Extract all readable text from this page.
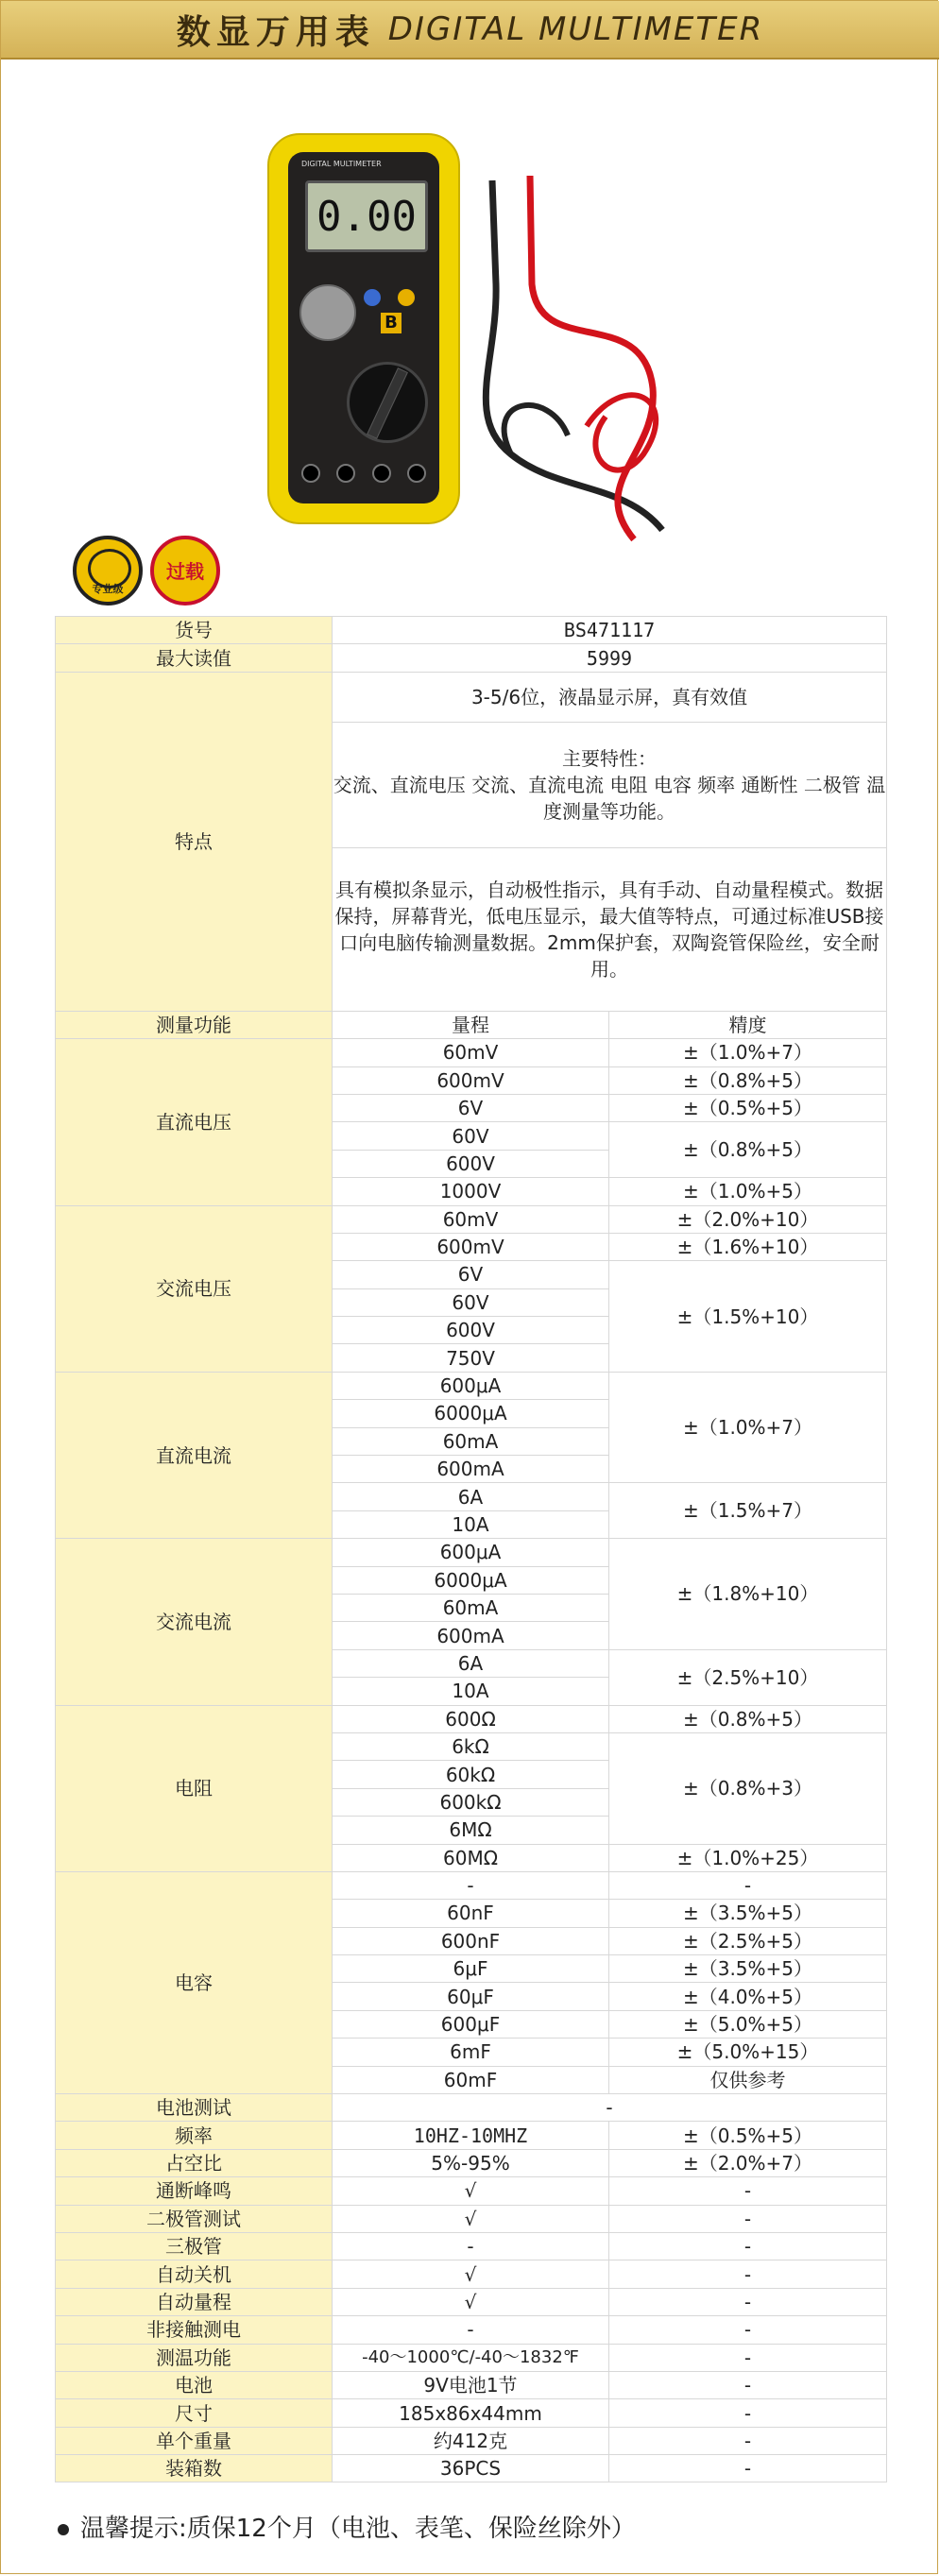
数显万用表 DIGITAL MULTIMETER
DIGITAL MULTIMETER
0.00
B
专业级
过载
货号	BS471117	
最大读值	5999	
特点	3-5/6位，液晶显示屏，真有效值	

	主要特性：
交流、直流电压 交流、直流电流 电阻 电容 频率 通断性 二极管 温度测量等功能。	

	具有模拟条显示，自动极性指示，具有手动、自动量程模式。数据保持，屏幕背光，低电压显示，最大值等特点，可通过标准USB接口向电脑传输测量数据。2mm保护套，双陶瓷管保险丝，安全耐用。	
测量功能	量程	精度
直流电压	60mV	±（1.0%+7）
	600mV	±（0.8%+5）
	6V	±（0.5%+5）
	60V	±（0.8%+5）
	600V	
	1000V	±（1.0%+5）
交流电压	60mV	±（2.0%+10）
	600mV	±（1.6%+10）
	6V	±（1.5%+10）
	60V	
	600V	
	750V	
直流电流	600μA	±（1.0%+7）
	6000μA	
	60mA	
	600mA	
	6A	±（1.5%+7）
	10A	
交流电流	600μA	±（1.8%+10）
	6000μA	
	60mA	
	600mA	
	6A	±（2.5%+10）
	10A	
电阻	600Ω	±（0.8%+5）
	6kΩ	±（0.8%+3）
	60kΩ	
	600kΩ	
	6MΩ	
	60MΩ	±（1.0%+25）
电容	-	-
	60nF	±（3.5%+5）
	600nF	±（2.5%+5）
	6μF	±（3.5%+5）
	60μF	±（4.0%+5）
	600μF	±（5.0%+5）
	6mF	±（5.0%+15）
	60mF	仅供参考
电池测试	-	
频率	10HZ-10MHZ	±（0.5%+5）
占空比	5%-95%	±（2.0%+7）
通断峰鸣	√	-
二极管测试	√	-
三极管	-	-
自动关机	√	-
自动量程	√	-
非接触测电	-	-
测温功能	-40～1000℃/-40～1832℉	-
电池	9V电池1节	-
尺寸	185x86x44mm	-
单个重量	约412克	-
装箱数	36PCS	-
温馨提示:质保12个月（电池、表笔、保险丝除外）
